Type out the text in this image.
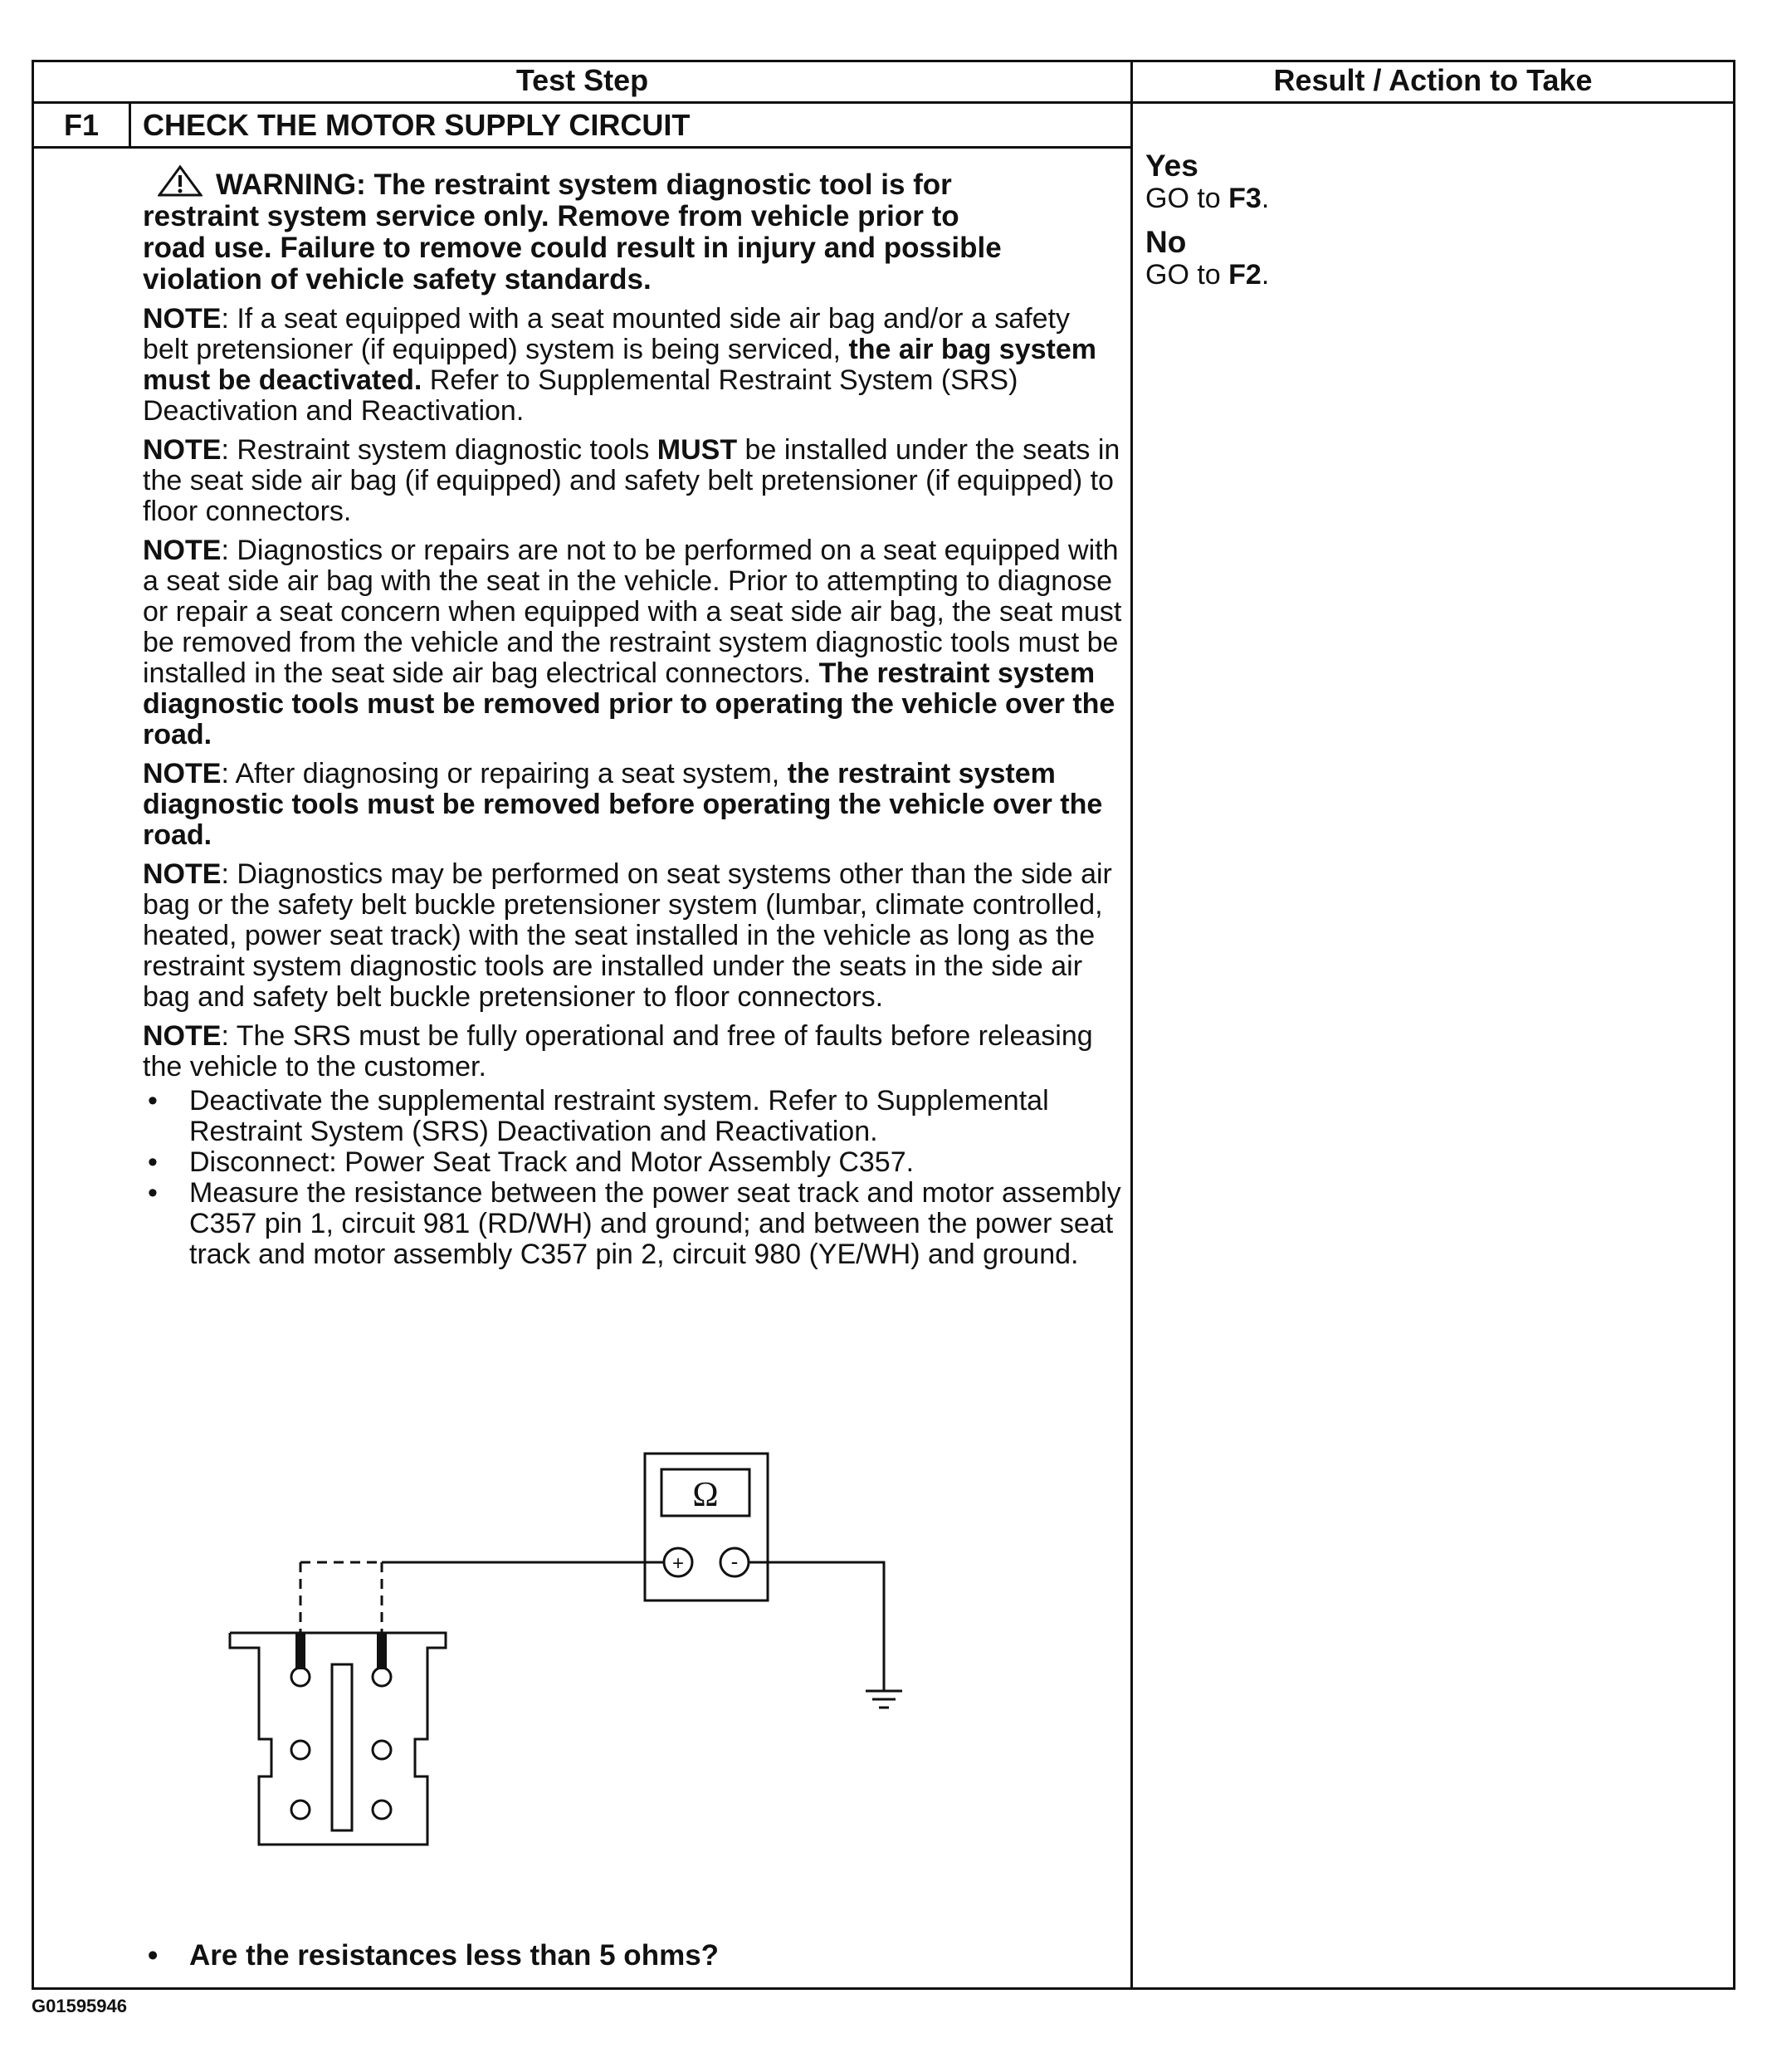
Test Step	Result / Action to Take
F1	CHECK THE MOTOR SUPPLY CIRCUIT

WARNING: The restraint system diagnostic tool is for
restraint system service only. Remove from vehicle prior to
road use. Failure to remove could result in injury and possible
violation of vehicle safety standards.

NOTE: If a seat equipped with a seat mounted side air bag and/or a safety belt pretensioner (if equipped) system is being serviced, the air bag system must be deactivated. Refer to Supplemental Restraint System (SRS) Deactivation and Reactivation.

NOTE: Restraint system diagnostic tools MUST be installed under the seats in the seat side air bag (if equipped) and safety belt pretensioner (if equipped) to floor connectors.

NOTE: Diagnostics or repairs are not to be performed on a seat equipped with a seat side air bag with the seat in the vehicle. Prior to attempting to diagnose or repair a seat concern when equipped with a seat side air bag, the seat must be removed from the vehicle and the restraint system diagnostic tools must be installed in the seat side air bag electrical connectors. The restraint system diagnostic tools must be removed prior to operating the vehicle over the road.

NOTE: After diagnosing or repairing a seat system, the restraint system diagnostic tools must be removed before operating the vehicle over the road.

NOTE: Diagnostics may be performed on seat systems other than the side air bag or the safety belt buckle pretensioner system (lumbar, climate controlled, heated, power seat track) with the seat installed in the vehicle as long as the restraint system diagnostic tools are installed under the seats in the side air bag and safety belt buckle pretensioner to floor connectors.

NOTE: The SRS must be fully operational and free of faults before releasing the vehicle to the customer.

• Deactivate the supplemental restraint system. Refer to Supplemental Restraint System (SRS) Deactivation and Reactivation.
• Disconnect: Power Seat Track and Motor Assembly C357.
• Measure the resistance between the power seat track and motor assembly C357 pin 1, circuit 981 (RD/WH) and ground; and between the power seat track and motor assembly C357 pin 2, circuit 980 (YE/WH) and ground.
Ω
+ -
• Are the resistances less than 5 ohms?
Yes
GO to F3.
No
GO to F2.
G01595946
